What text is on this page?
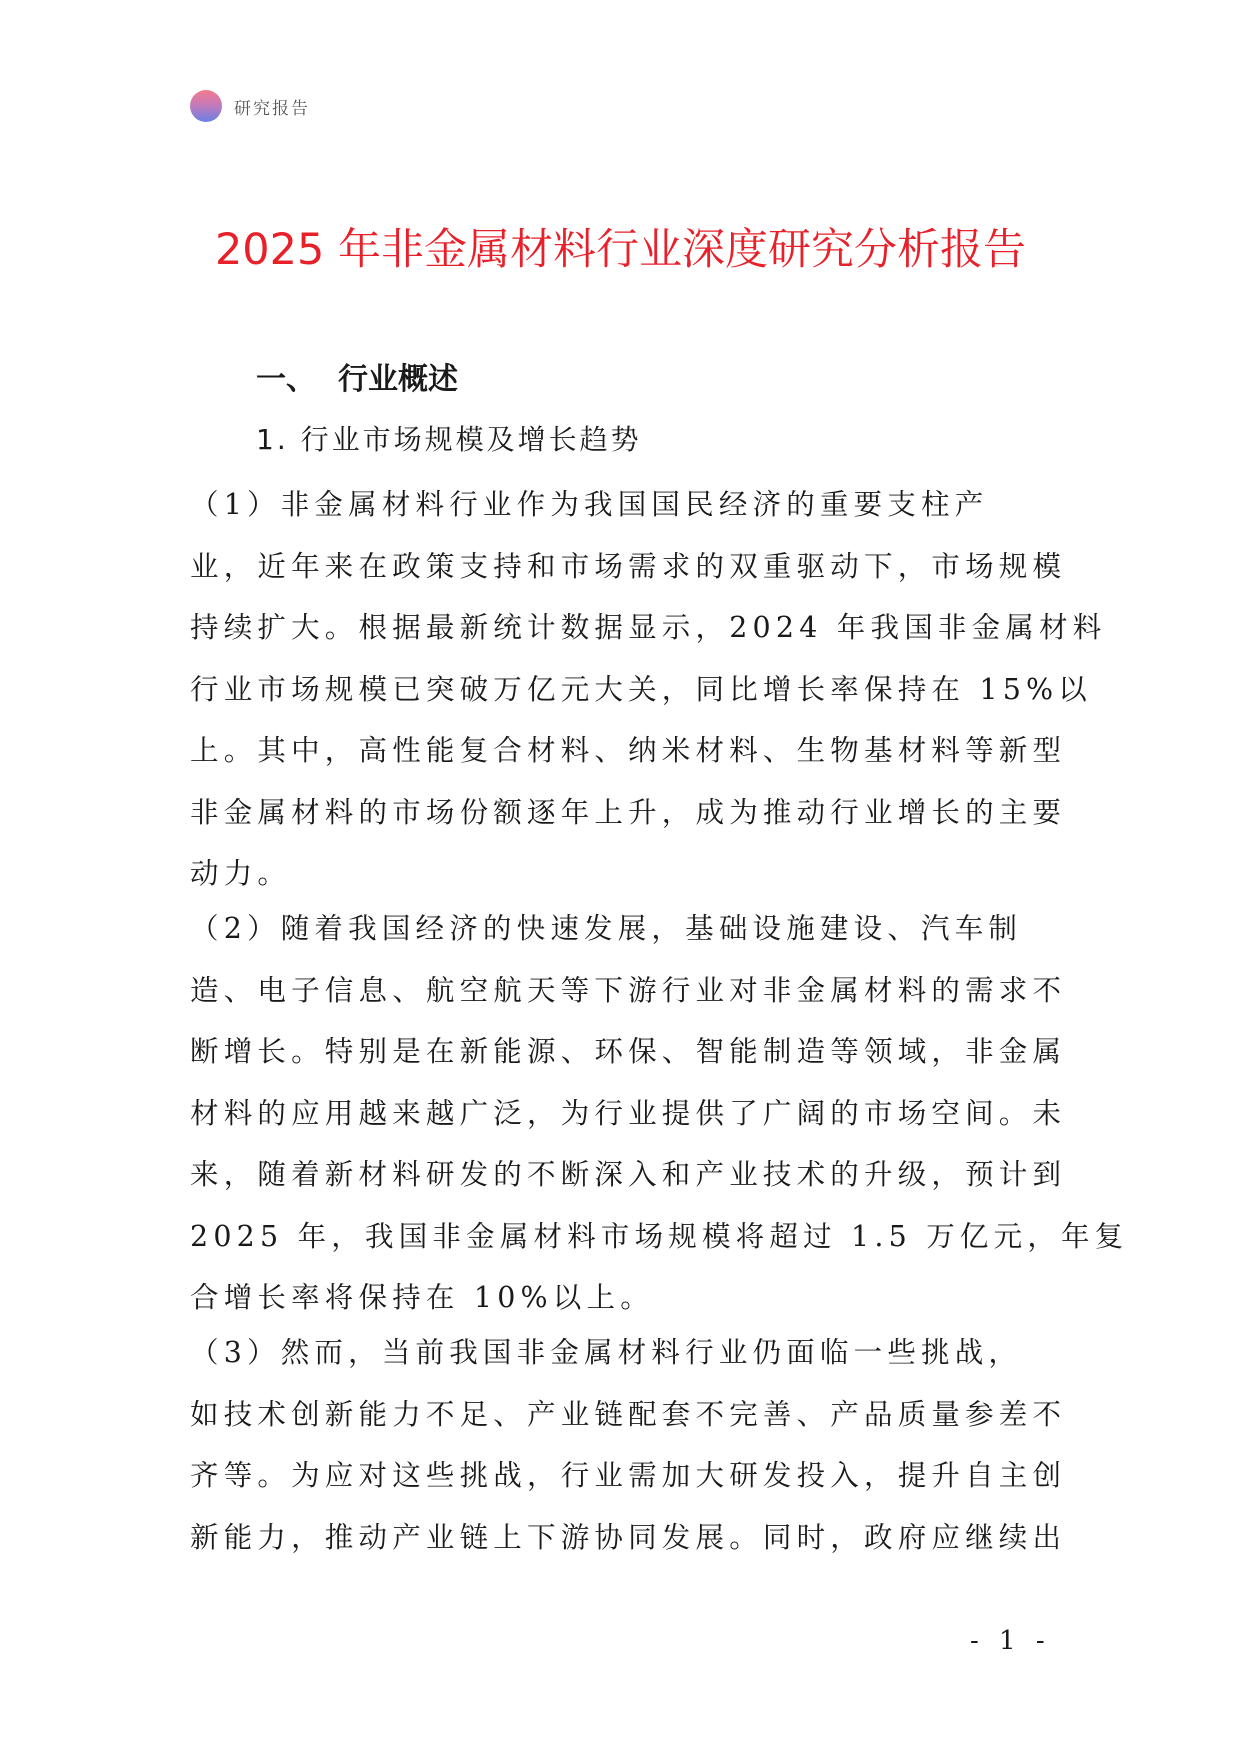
研究报告
2025 年非金属材料行业深度研究分析报告
一、 行业概述
1. 行业市场规模及增长趋势
（1）非金属材料行业作为我国国民经济的重要支柱产
业，近年来在政策支持和市场需求的双重驱动下，市场规模
持续扩大。根据最新统计数据显示，2024 年我国非金属材料
行业市场规模已突破万亿元大关，同比增长率保持在 15%以
上。其中，高性能复合材料、纳米材料、生物基材料等新型
非金属材料的市场份额逐年上升，成为推动行业增长的主要
动力。
（2）随着我国经济的快速发展，基础设施建设、汽车制
造、电子信息、航空航天等下游行业对非金属材料的需求不
断增长。特别是在新能源、环保、智能制造等领域，非金属
材料的应用越来越广泛，为行业提供了广阔的市场空间。未
来，随着新材料研发的不断深入和产业技术的升级，预计到
2025 年，我国非金属材料市场规模将超过 1.5 万亿元，年复
合增长率将保持在 10%以上。
（3）然而，当前我国非金属材料行业仍面临一些挑战，
如技术创新能力不足、产业链配套不完善、产品质量参差不
齐等。为应对这些挑战，行业需加大研发投入，提升自主创
新能力，推动产业链上下游协同发展。同时，政府应继续出
- 1 -
